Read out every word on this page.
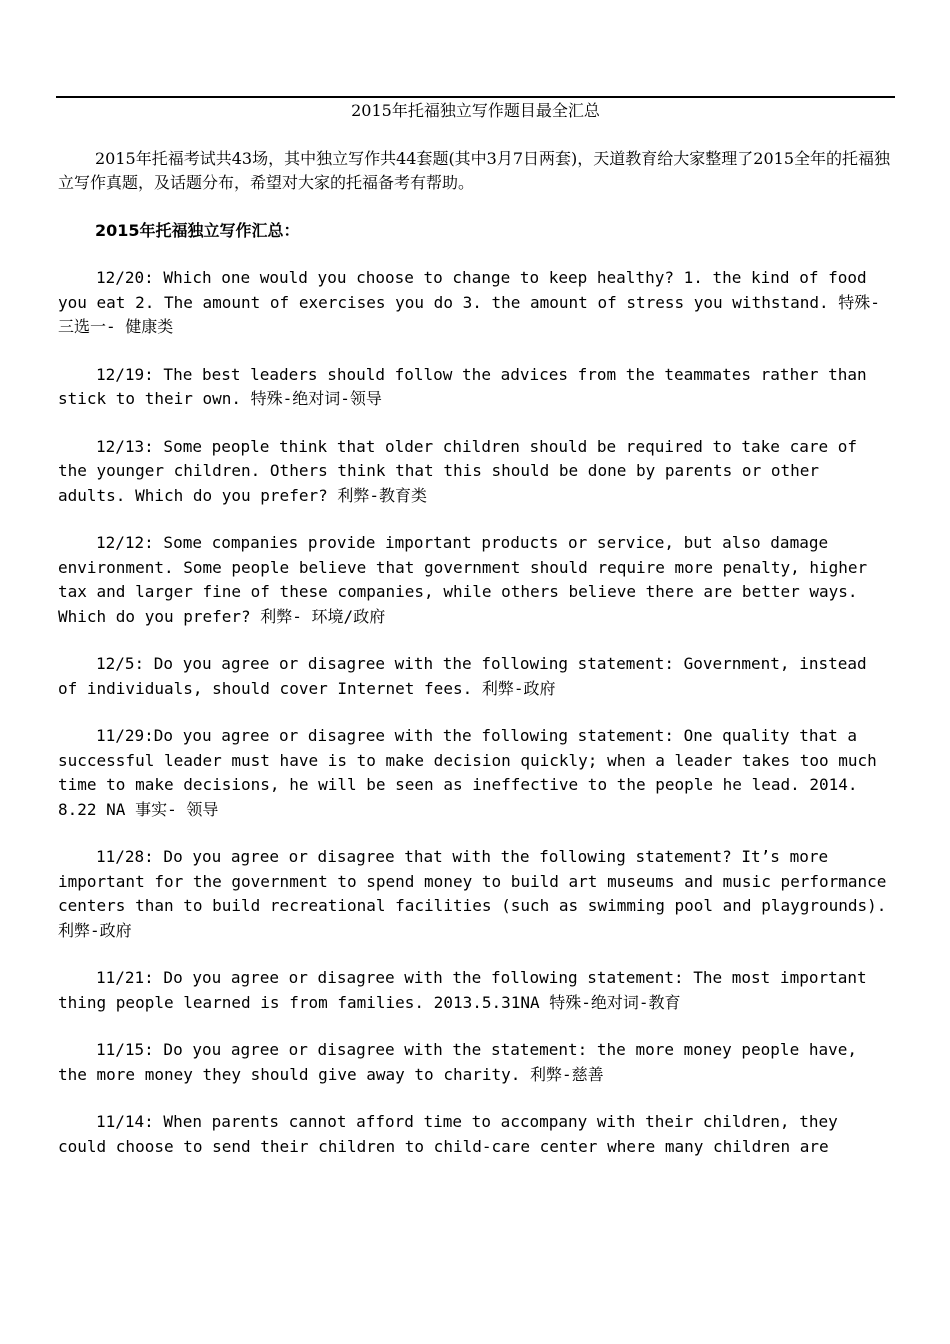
2015年托福独立写作题目最全汇总

2015年托福考试共43场，其中独立写作共44套题(其中3月7日两套)，天道教育给大家整理了2015全年的托福独立写作真题，及话题分布，希望对大家的托福备考有帮助。

2015年托福独立写作汇总：

12/20: Which one would you choose to change to keep healthy? 1. the kind of food you eat 2. The amount of exercises you do 3. the amount of stress you withstand. 特殊-三选一- 健康类
12/19: The best leaders should follow the advices from the teammates rather than stick to their own. 特殊-绝对词-领导
12/13: Some people think that older children should be required to take care of the younger children. Others think that this should be done by parents or other adults. Which do you prefer? 利弊-教育类
12/12: Some companies provide important products or service, but also damage environment. Some people believe that government should require more penalty, higher tax and larger fine of these companies, while others believe there are better ways. Which do you prefer? 利弊- 环境/政府
12/5: Do you agree or disagree with the following statement: Government, instead of individuals, should cover Internet fees. 利弊-政府
11/29:Do you agree or disagree with the following statement: One quality that a successful leader must have is to make decision quickly; when a leader takes too much time to make decisions, he will be seen as ineffective to the people he lead. 2014. 8.22 NA 事实- 领导
11/28: Do you agree or disagree that with the following statement? It’s more important for the government to spend money to build art museums and music performance centers than to build recreational facilities (such as swimming pool and playgrounds). 利弊-政府
11/21: Do you agree or disagree with the following statement: The most important thing people learned is from families. 2013.5.31NA 特殊-绝对词-教育
11/15: Do you agree or disagree with the statement: the more money people have, the more money they should give away to charity. 利弊-慈善
11/14: When parents cannot afford time to accompany with their children, they could choose to send their children to child-care center where many children are
